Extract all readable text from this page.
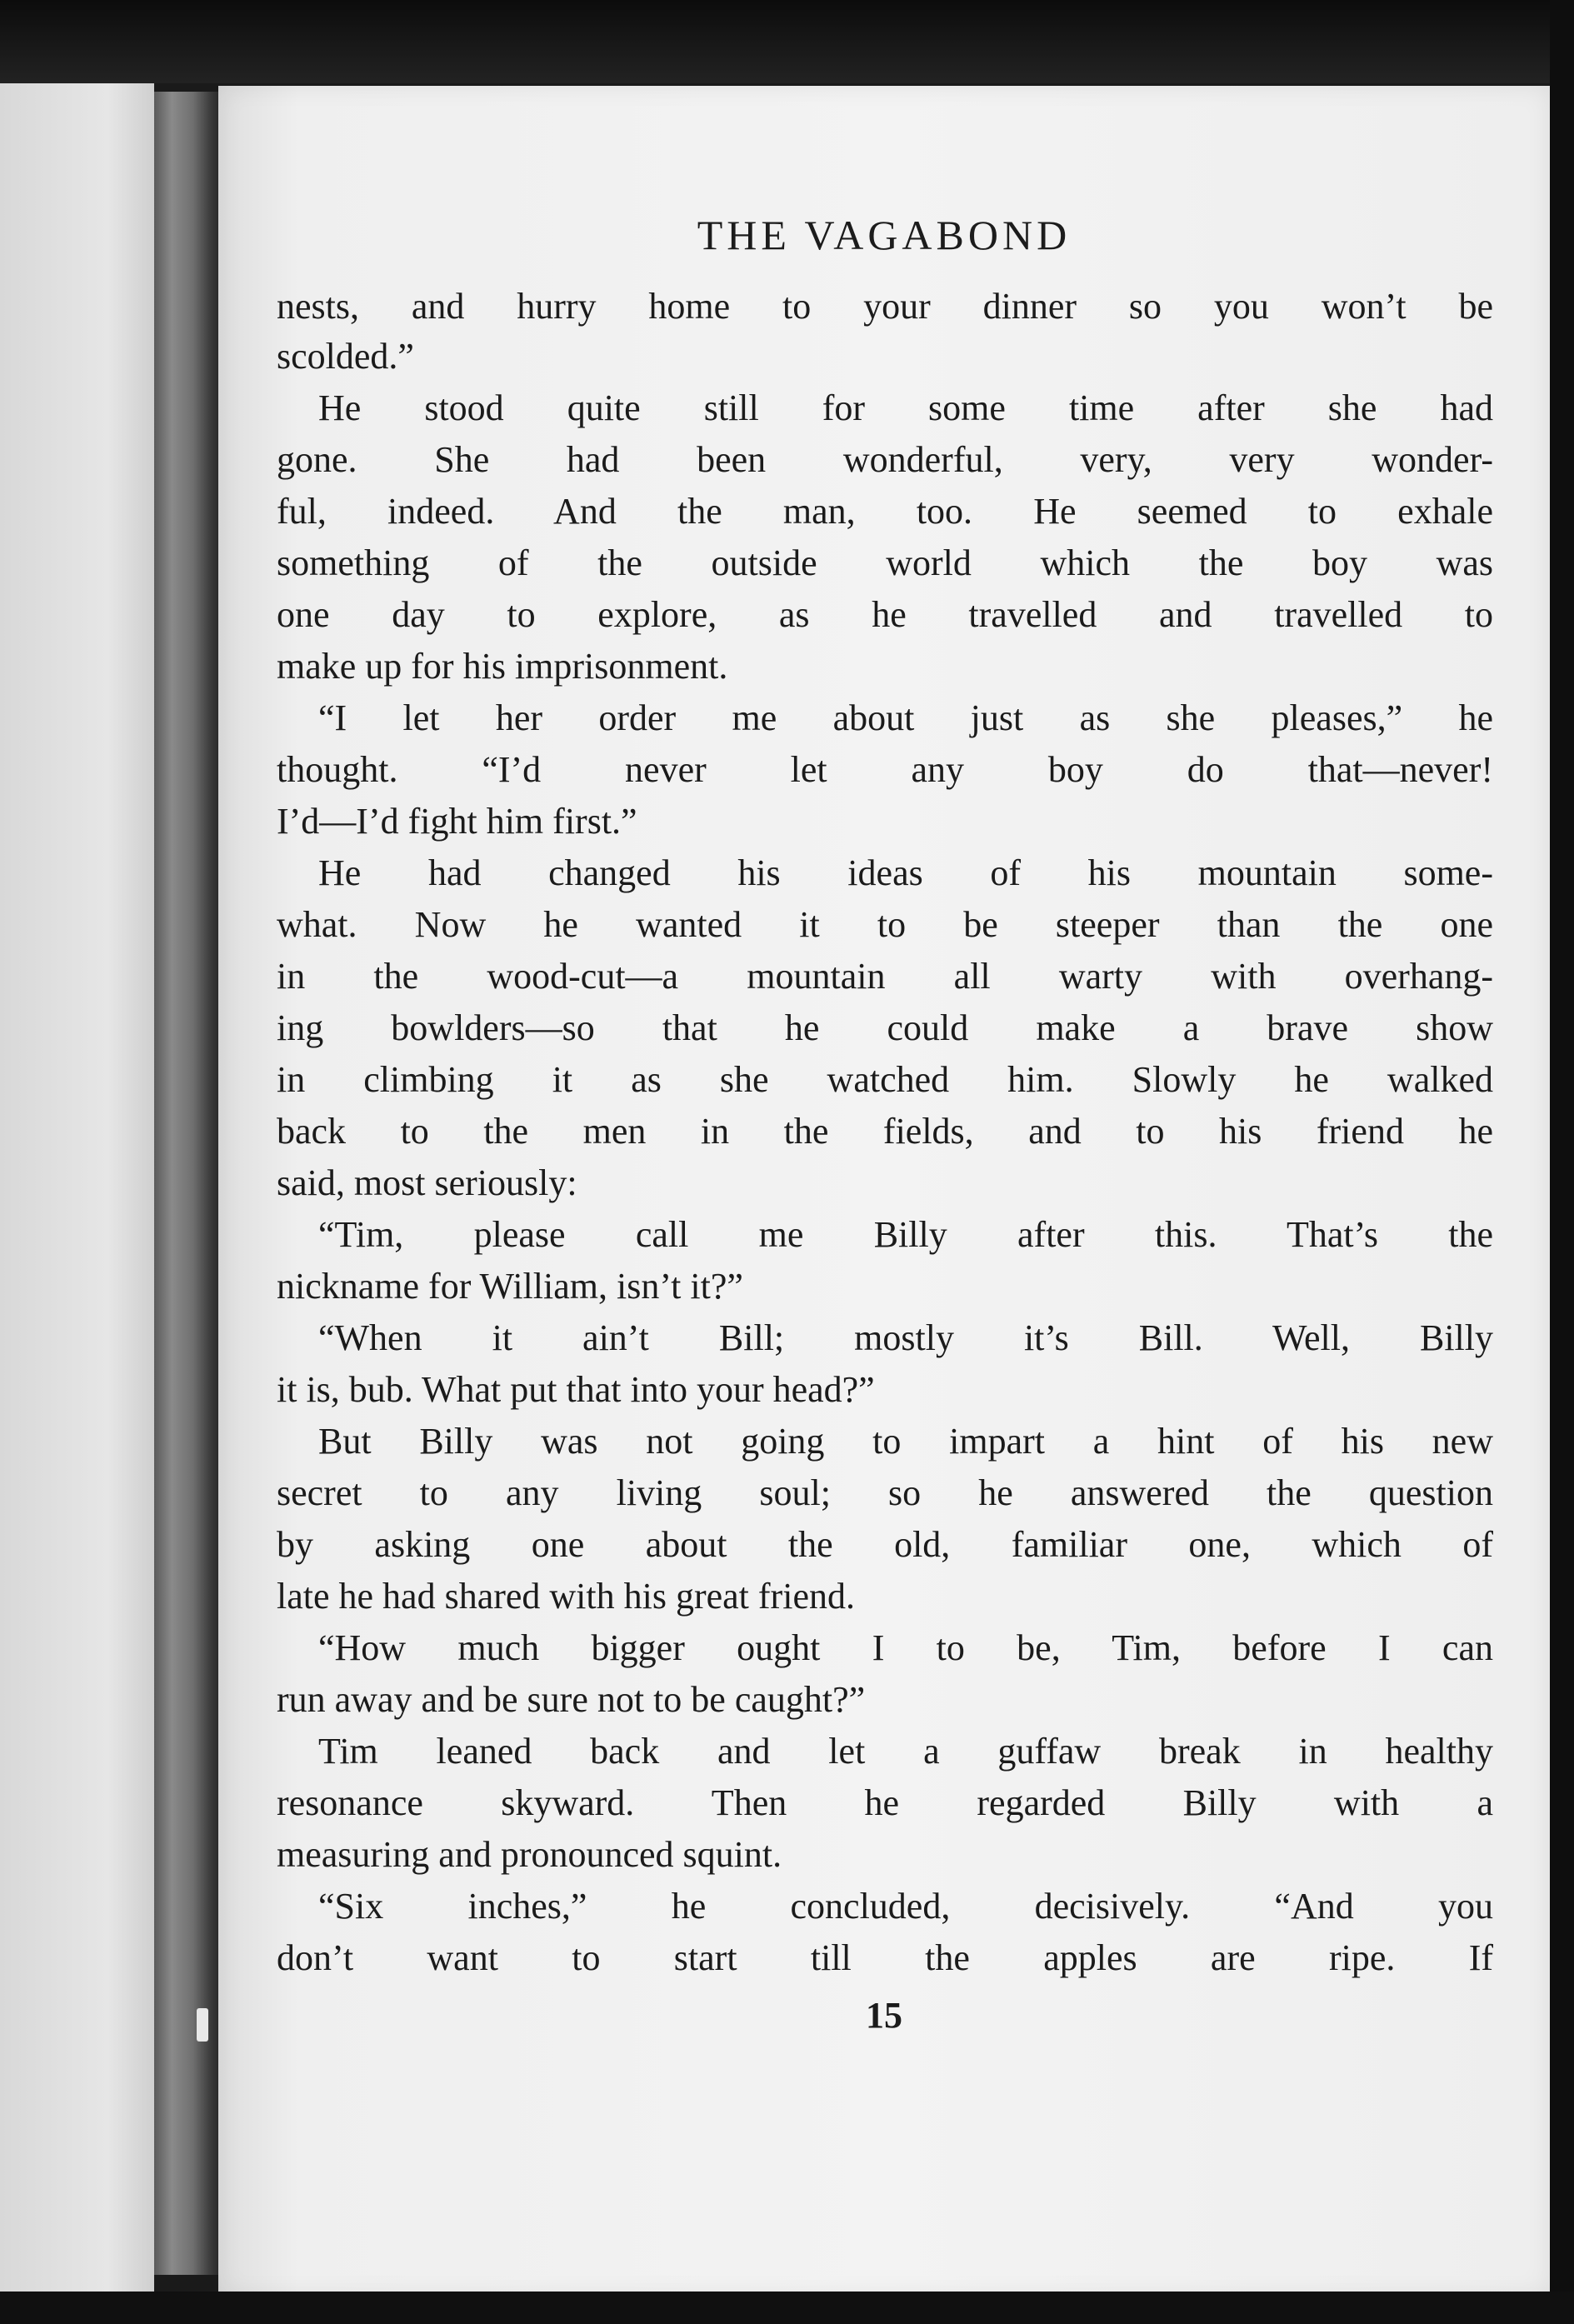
THE VAGABOND
nests, and hurry home to your dinner so you won’t be
scolded.”
He stood quite still for some time after she had
gone. She had been wonderful, very, very wonder-
ful, indeed. And the man, too. He seemed to exhale
something of the outside world which the boy was
one day to explore, as he travelled and travelled to
make up for his imprisonment.
“I let her order me about just as she pleases,” he
thought. “I’d never let any boy do that—never!
I’d—I’d fight him first.”
He had changed his ideas of his mountain some-
what. Now he wanted it to be steeper than the one
in the wood-cut—a mountain all warty with overhang-
ing bowlders—so that he could make a brave show
in climbing it as she watched him. Slowly he walked
back to the men in the fields, and to his friend he
said, most seriously:
“Tim, please call me Billy after this. That’s the
nickname for William, isn’t it?”
“When it ain’t Bill; mostly it’s Bill. Well, Billy
it is, bub. What put that into your head?”
But Billy was not going to impart a hint of his new
secret to any living soul; so he answered the question
by asking one about the old, familiar one, which of
late he had shared with his great friend.
“How much bigger ought I to be, Tim, before I can
run away and be sure not to be caught?”
Tim leaned back and let a guffaw break in healthy
resonance skyward. Then he regarded Billy with a
measuring and pronounced squint.
“Six inches,” he concluded, decisively. “And you
don’t want to start till the apples are ripe. If
15
